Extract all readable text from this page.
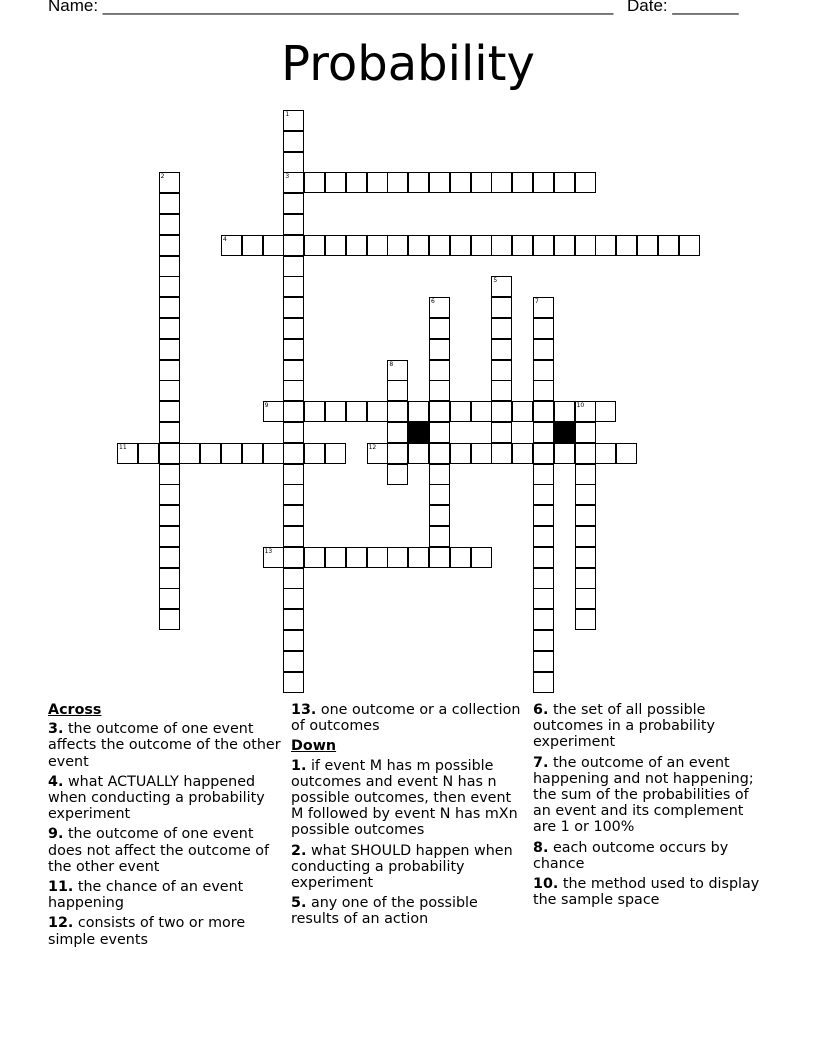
Name: ______________________________________________________ Date: _______
Probability
1
3
2
4
5
6	7
8
9	10
11	12
13
Across
3. the outcome of one event affects the outcome of the other event
4. what ACTUALLY happened when conducting a probability experiment
9. the outcome of one event does not affect the outcome of the other event
11. the chance of an event happening
12. consists of two or more simple events
13. one outcome or a collection of outcomes
Down
1. if event M has m possible outcomes and event N has n possible outcomes, then event M followed by event N has mXn possible outcomes
2. what SHOULD happen when conducting a probability experiment
5. any one of the possible results of an action
6. the set of all possible outcomes in a probability experiment
7. the outcome of an event happening and not happening; the sum of the probabilities of an event and its complement are 1 or 100%
8. each outcome occurs by chance
10. the method used to display the sample space
